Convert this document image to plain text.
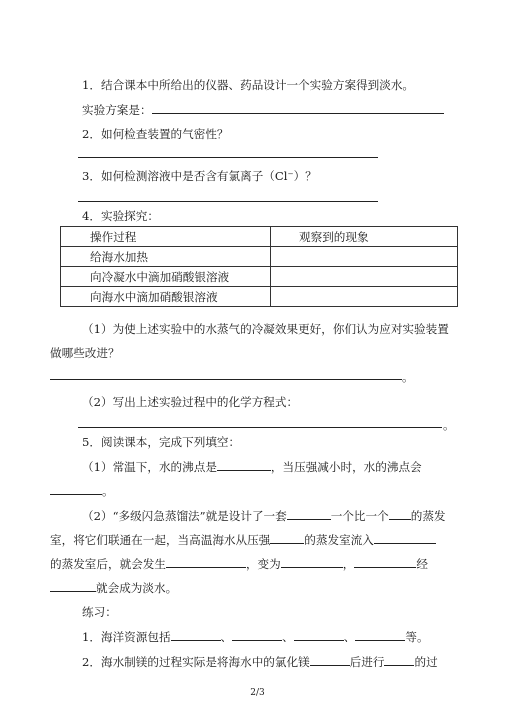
1．结合课本中所给出的仪器、药品设计一个实验方案得到淡水。
实验方案是：
2．如何检查装置的气密性？
3．如何检测溶液中是否含有氯离子（Cl⁻）？
4．实验探究：
操作过程	观察到的现象
给海水加热	
向冷凝水中滴加硝酸银溶液	
向海水中滴加硝酸银溶液	
（1）为使上述实验中的水蒸气的冷凝效果更好，你们认为应对实验装置
做哪些改进？
。
（2）写出上述实验过程中的化学方程式：
。
5．阅读课本，完成下列填空：
（1）常温下，水的沸点是	，当压强减小时，水的沸点会
。
（2）“多级闪急蒸馏法”就是设计了一套	一个比一个 的蒸发
室，将它们联通在一起，当高温海水从压强	的蒸发室流入
的蒸发室后，就会发生	，变为	，	经
就会成为淡水。
练习：
1．海洋资源包括	、	、	、	等。
2．海水制镁的过程实际是将海水中的氯化镁	后进行	的过
2/3
